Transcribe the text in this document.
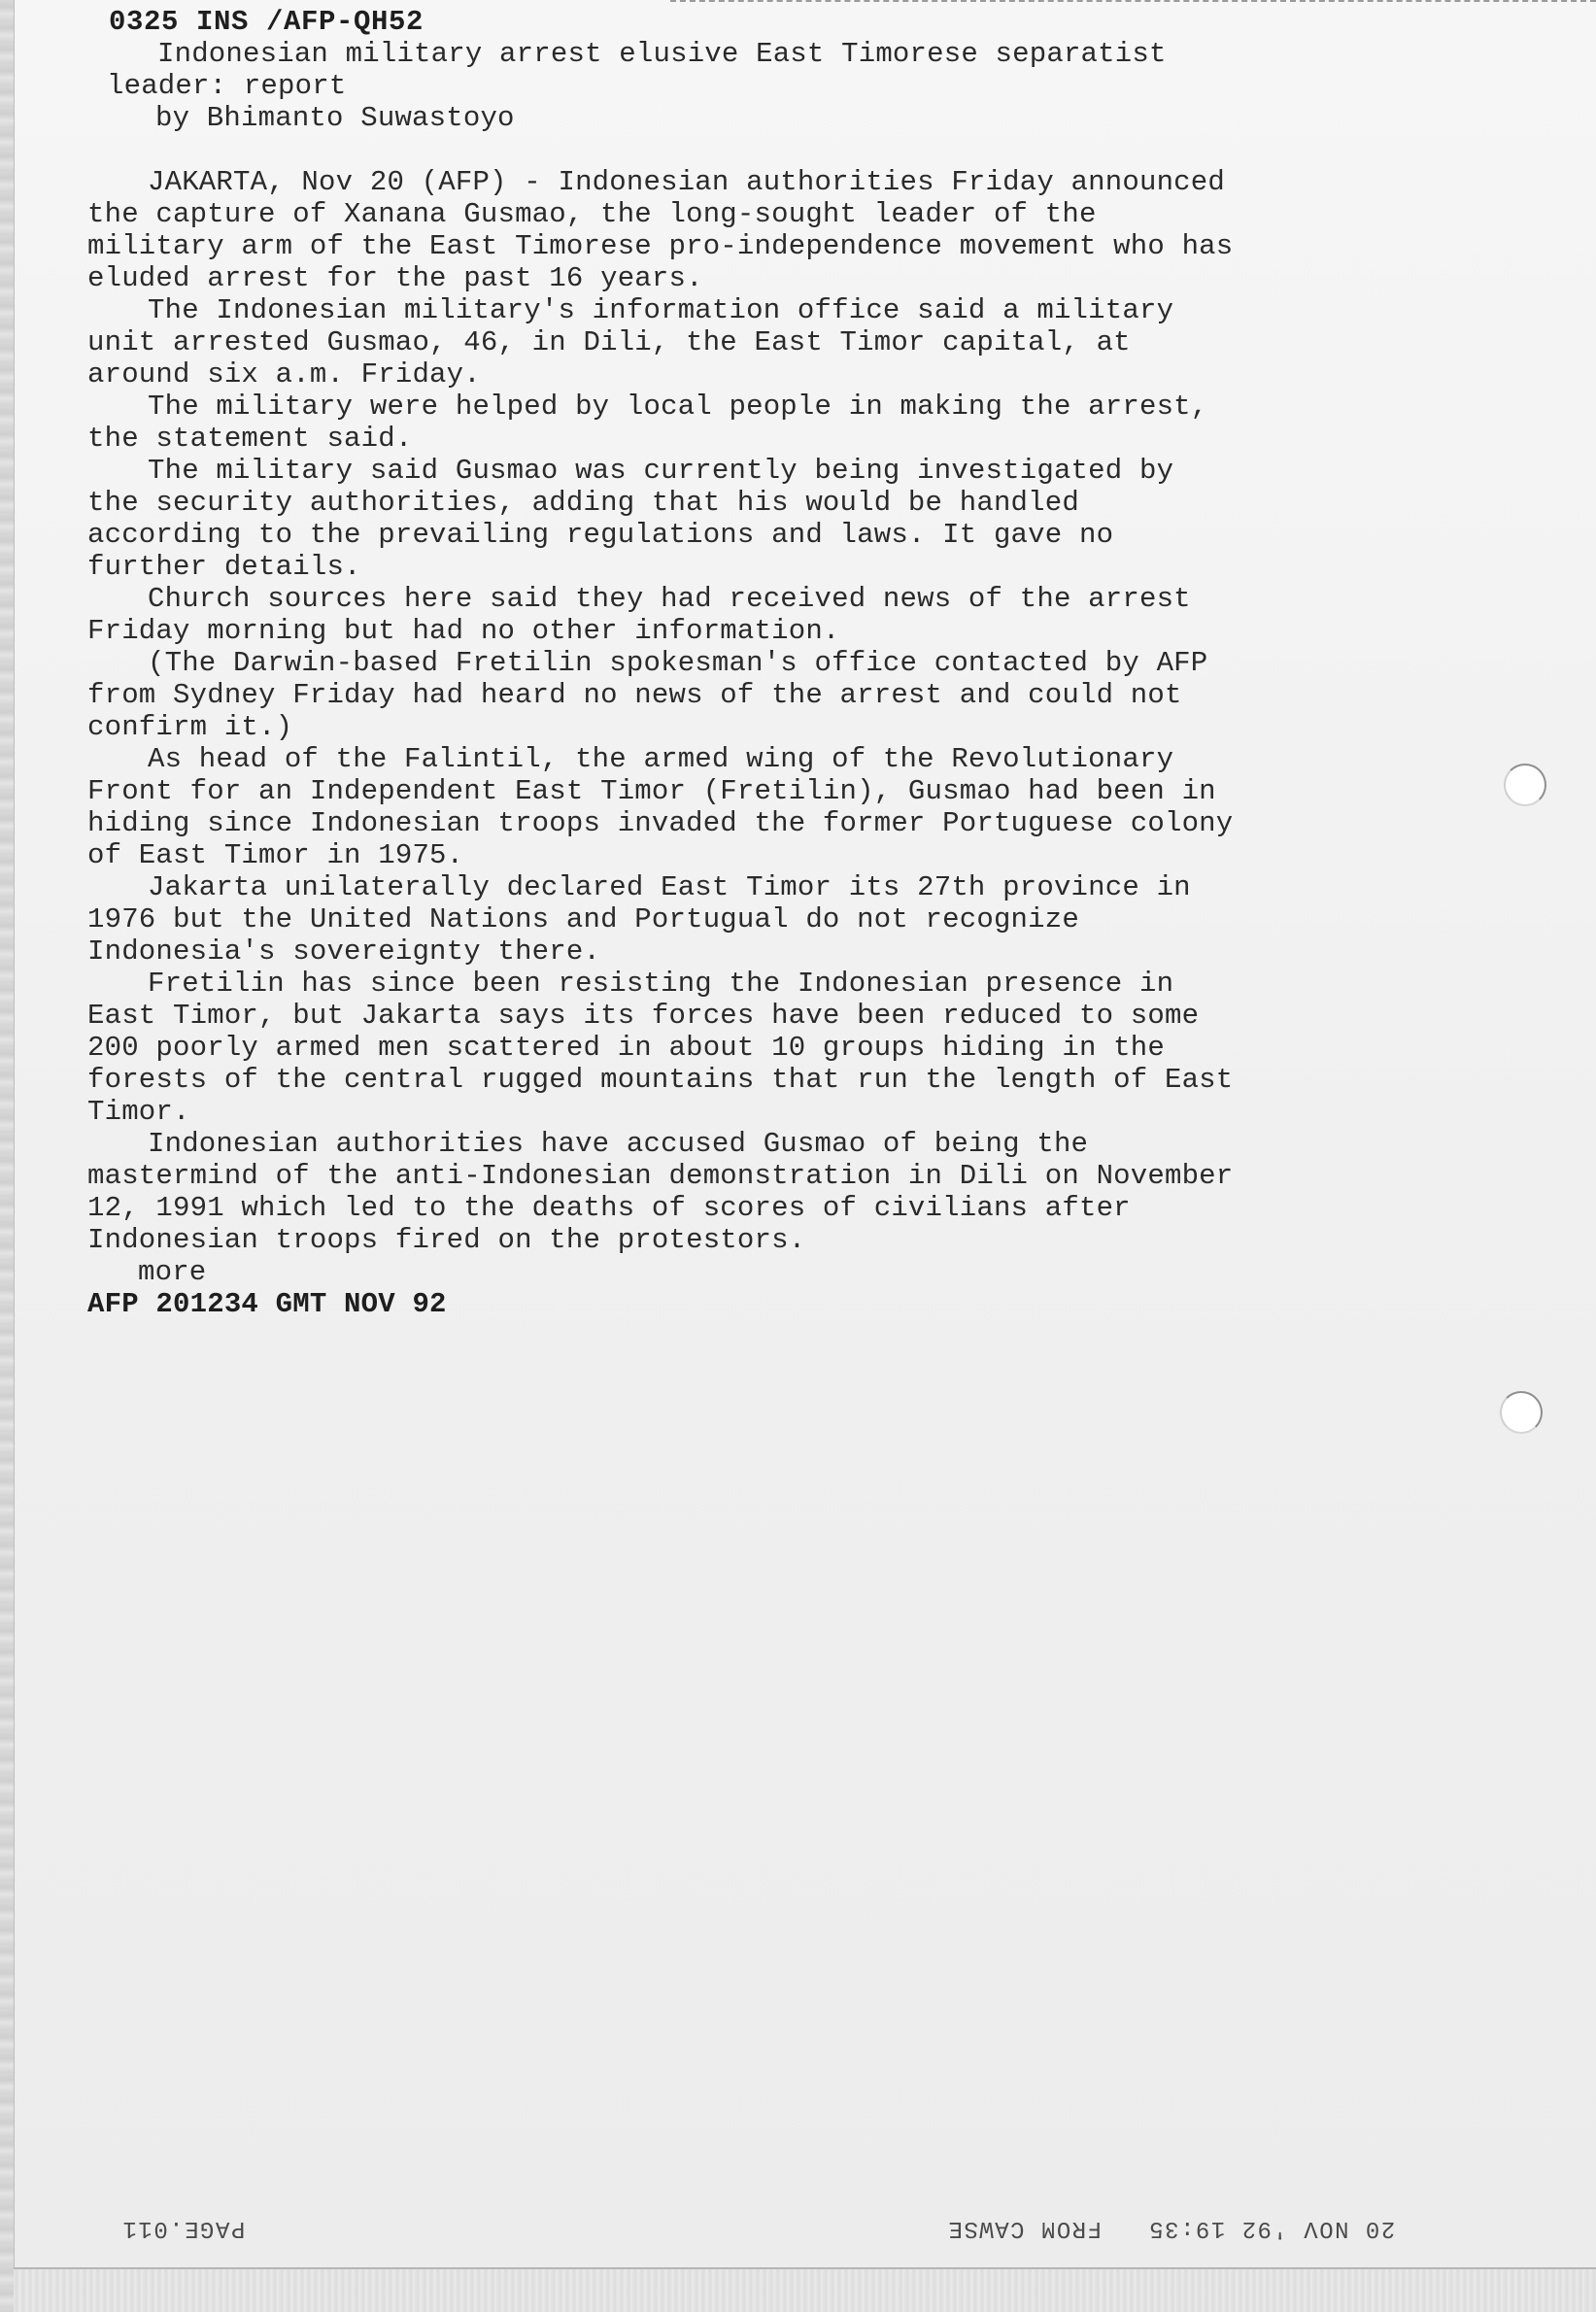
0325 INS /AFP-QH52
Indonesian military arrest elusive East Timorese separatist
leader: report
by Bhimanto Suwastoyo
JAKARTA, Nov 20 (AFP) - Indonesian authorities Friday announced
the capture of Xanana Gusmao, the long-sought leader of the
military arm of the East Timorese pro-independence movement who has
eluded arrest for the past 16 years.
The Indonesian military's information office said a military
unit arrested Gusmao, 46, in Dili, the East Timor capital, at
around six a.m. Friday.
The military were helped by local people in making the arrest,
the statement said.
The military said Gusmao was currently being investigated by
the security authorities, adding that his would be handled
according to the prevailing regulations and laws. It gave no
further details.
Church sources here said they had received news of the arrest
Friday morning but had no other information.
(The Darwin-based Fretilin spokesman's office contacted by AFP
from Sydney Friday had heard no news of the arrest and could not
confirm it.)
As head of the Falintil, the armed wing of the Revolutionary
Front for an Independent East Timor (Fretilin), Gusmao had been in
hiding since Indonesian troops invaded the former Portuguese colony
of East Timor in 1975.
Jakarta unilaterally declared East Timor its 27th province in
1976 but the United Nations and Portugual do not recognize
Indonesia's sovereignty there.
Fretilin has since been resisting the Indonesian presence in
East Timor, but Jakarta says its forces have been reduced to some
200 poorly armed men scattered in about 10 groups hiding in the
forests of the central rugged mountains that run the length of East
Timor.
Indonesian authorities have accused Gusmao of being the
mastermind of the anti-Indonesian demonstration in Dili on November
12, 1991 which led to the deaths of scores of civilians after
Indonesian troops fired on the protestors.
more
AFP 201234 GMT NOV 92
PAGE.011	20 NOV '92 19:35   FROM CAWSE
